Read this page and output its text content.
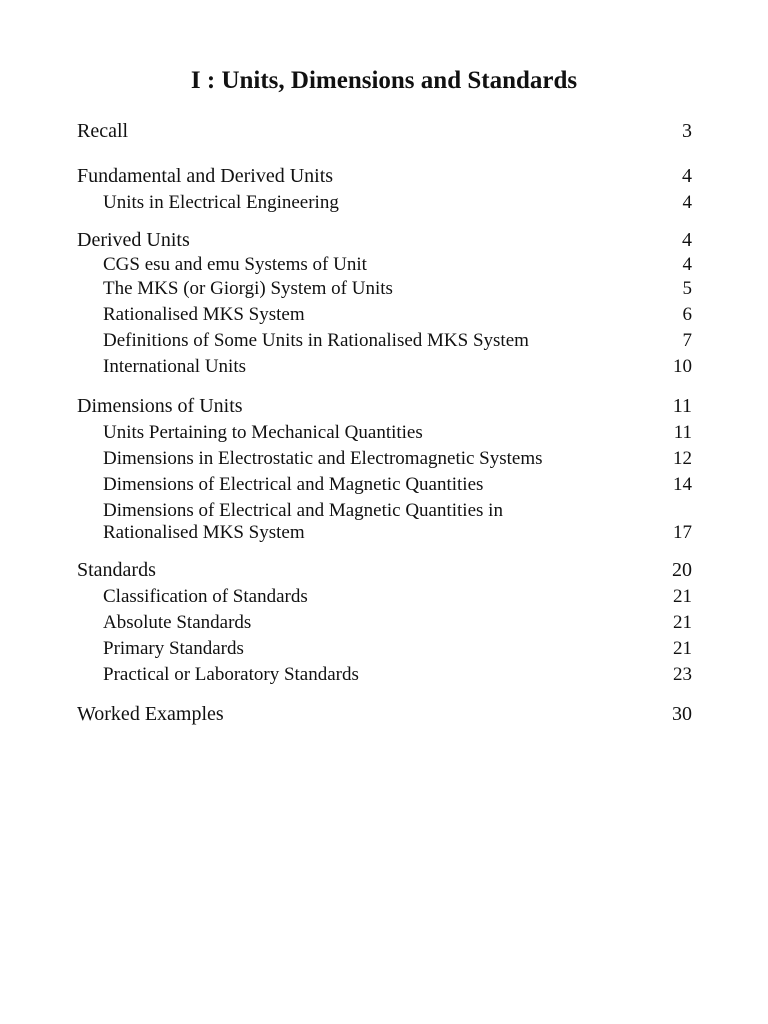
I : Units, Dimensions and Standards
Recall	3
Fundamental and Derived Units	4
Units in Electrical Engineering	4
Derived Units	4
CGS esu and emu Systems of Unit	4
The MKS (or Giorgi) System of Units	5
Rationalised MKS System	6
Definitions of Some Units in Rationalised MKS System	7
International Units	10
Dimensions of Units	11
Units Pertaining to Mechanical Quantities	11
Dimensions in Electrostatic and Electromagnetic Systems	12
Dimensions of Electrical and Magnetic Quantities	14
Dimensions of Electrical and Magnetic Quantities in
Rationalised MKS System	17
Standards	20
Classification of Standards	21
Absolute Standards	21
Primary Standards	21
Practical or Laboratory Standards	23
Worked Examples	30
